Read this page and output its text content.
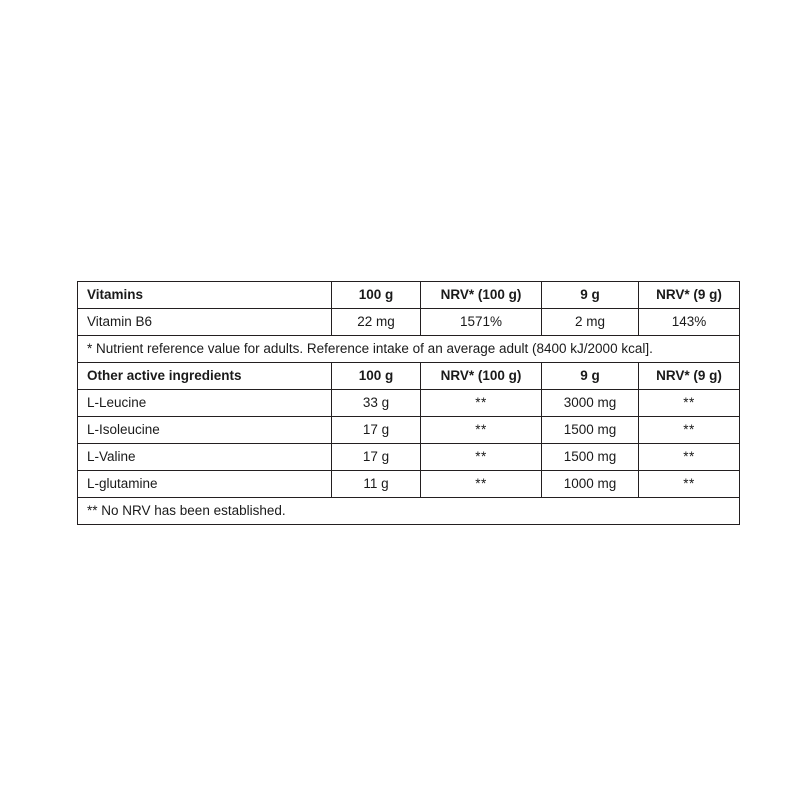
Vitamins	100 g	NRV* (100 g)	9 g	NRV* (9 g)
Vitamin B6	22 mg	1571%	2 mg	143%
* Nutrient reference value for adults. Reference intake of an average adult (8400 kJ/2000 kcal].				
Other active ingredients	100 g	NRV* (100 g)	9 g	NRV* (9 g)
L-Leucine	33 g	**	3000 mg	**
L-Isoleucine	17 g	**	1500 mg	**
L-Valine	17 g	**	1500 mg	**
L-glutamine	11 g	**	1000 mg	**
** No NRV has been established.				
